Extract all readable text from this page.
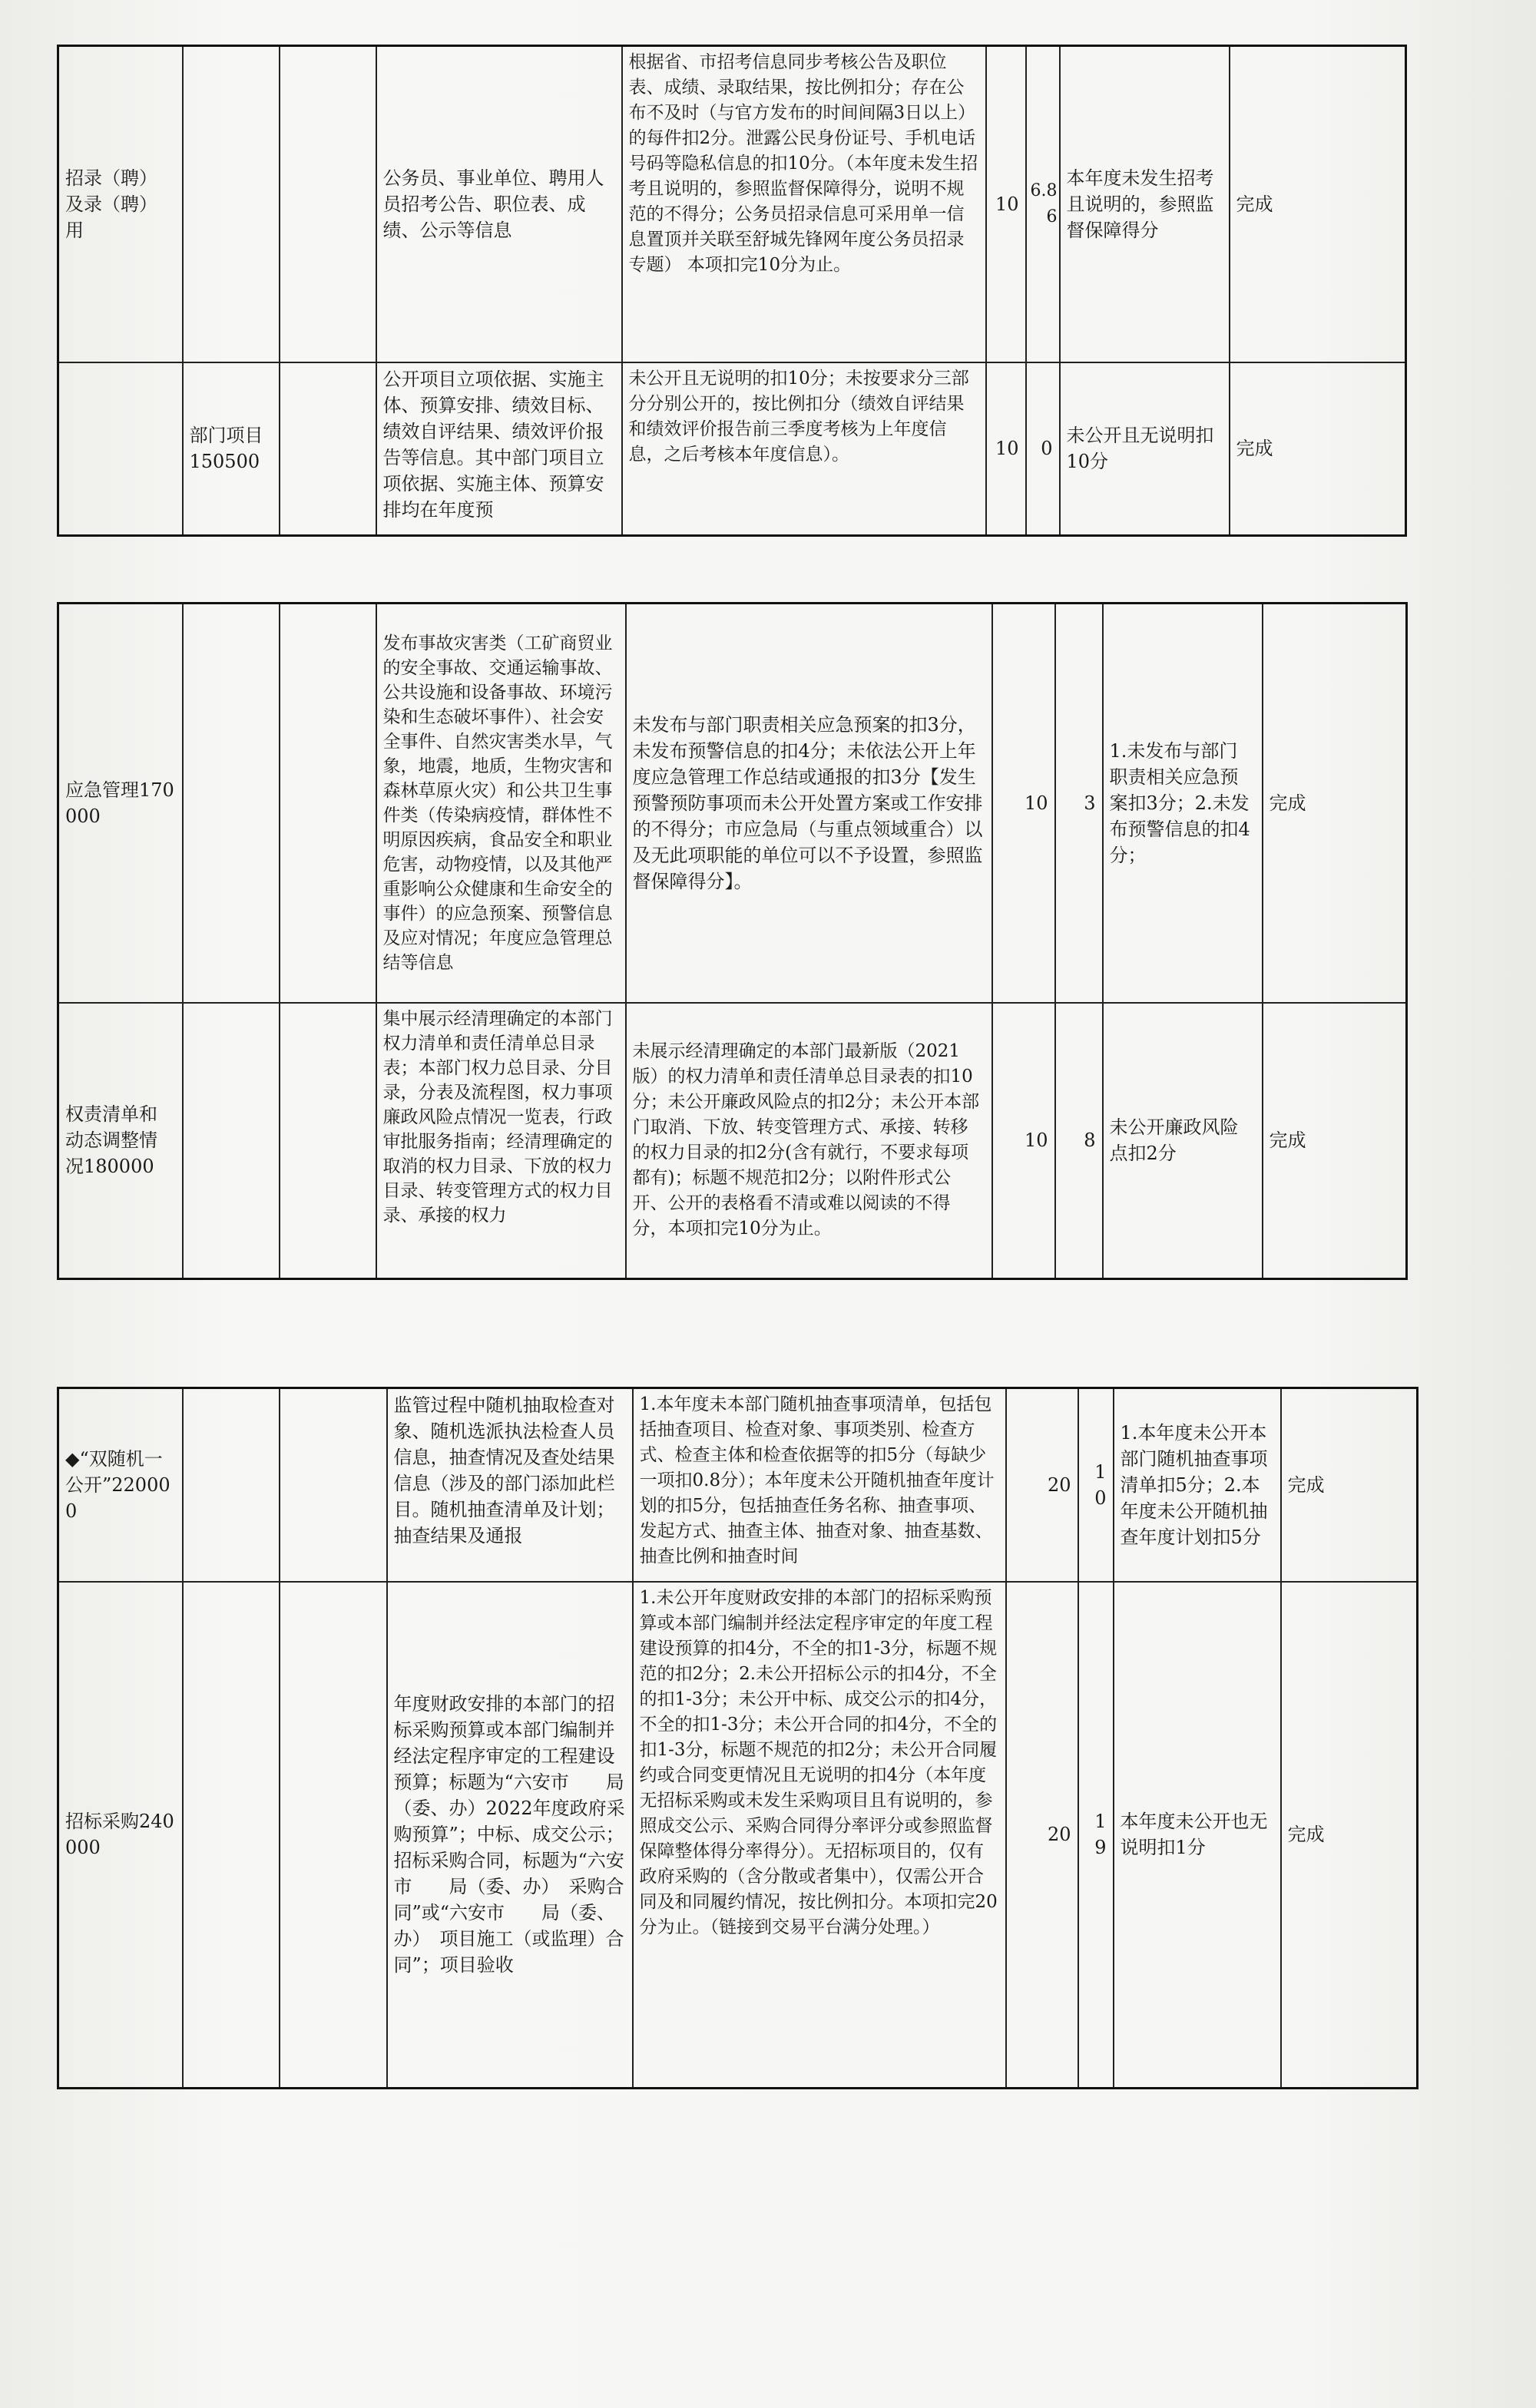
招录（聘）及录（聘）用			公务员、事业单位、聘用人员招考公告、职位表、成绩、公示等信息	根据省、市招考信息同步考核公告及职位表、成绩、录取结果，按比例扣分；存在公布不及时（与官方发布的时间间隔3日以上）的每件扣2分。泄露公民身份证号、手机电话号码等隐私信息的扣10分。（本年度未发生招考且说明的，参照监督保障得分，说明不规范的不得分；公务员招录信息可采用单一信息置顶并关联至舒城先锋网年度公务员招录专题） 本项扣完10分为止。	10	6.86	本年度未发生招考且说明的，参照监督保障得分	完成
	部门项目150500		公开项目立项依据、实施主体、预算安排、绩效目标、绩效自评结果、绩效评价报告等信息。其中部门项目立项依据、实施主体、预算安排均在年度预	未公开且无说明的扣10分；未按要求分三部分分别公开的，按比例扣分（绩效自评结果和绩效评价报告前三季度考核为上年度信息，之后考核本年度信息）。	10	0	未公开且无说明扣10分	完成
应急管理170000			发布事故灾害类（工矿商贸业的安全事故、交通运输事故、公共设施和设备事故、环境污染和生态破坏事件）、社会安全事件、自然灾害类水旱，气象，地震，地质，生物灾害和森林草原火灾）和公共卫生事件类（传染病疫情，群体性不明原因疾病，食品安全和职业危害，动物疫情，以及其他严重影响公众健康和生命安全的事件）的应急预案、预警信息及应对情况；年度应急管理总结等信息	未发布与部门职责相关应急预案的扣3分，未发布预警信息的扣4分；未依法公开上年度应急管理工作总结或通报的扣3分【发生预警预防事项而未公开处置方案或工作安排的不得分；市应急局（与重点领域重合）以及无此项职能的单位可以不予设置，参照监督保障得分】。	10	3	1.未发布与部门职责相关应急预案扣3分；2.未发布预警信息的扣4分；	完成
权责清单和动态调整情况180000			集中展示经清理确定的本部门权力清单和责任清单总目录表；本部门权力总目录、分目录，分表及流程图，权力事项廉政风险点情况一览表，行政审批服务指南；经清理确定的取消的权力目录、下放的权力目录、转变管理方式的权力目录、承接的权力	未展示经清理确定的本部门最新版（2021版）的权力清单和责任清单总目录表的扣10分；未公开廉政风险点的扣2分；未公开本部门取消、下放、转变管理方式、承接、转移的权力目录的扣2分(含有就行，不要求每项都有)；标题不规范扣2分；以附件形式公开、公开的表格看不清或难以阅读的不得分，本项扣完10分为止。	10	8	未公开廉政风险点扣2分	完成
◆“双随机一公开”220000			监管过程中随机抽取检查对象、随机选派执法检查人员信息，抽查情况及查处结果信息（涉及的部门添加此栏目。随机抽查清单及计划；抽查结果及通报	1.本年度未本部门随机抽查事项清单，包括包括抽查项目、检查对象、事项类别、检查方式、检查主体和检查依据等的扣5分（每缺少一项扣0.8分）；本年度未公开随机抽查年度计划的扣5分，包括抽查任务名称、抽查事项、发起方式、抽查主体、抽查对象、抽查基数、抽查比例和抽查时间	20	10	1.本年度未公开本部门随机抽查事项清单扣5分；2.本年度未公开随机抽查年度计划扣5分	完成
招标采购240000			年度财政安排的本部门的招标采购预算或本部门编制并经法定程序审定的工程建设预算；标题为“六安市　　局（委、办）2022年度政府采购预算”；中标、成交公示；招标采购合同，标题为“六安市　　局（委、办）　采购合同”或“六安市　　局（委、办）　项目施工（或监理）合同”；项目验收	1.未公开年度财政安排的本部门的招标采购预算或本部门编制并经法定程序审定的年度工程建设预算的扣4分，不全的扣1-3分，标题不规范的扣2分；2.未公开招标公示的扣4分，不全的扣1-3分；未公开中标、成交公示的扣4分，不全的扣1-3分；未公开合同的扣4分，不全的扣1-3分，标题不规范的扣2分；未公开合同履约或合同变更情况且无说明的扣4分（本年度无招标采购或未发生采购项目且有说明的，参照成交公示、采购合同得分率评分或参照监督保障整体得分率得分）。无招标项目的，仅有政府采购的（含分散或者集中），仅需公开合同及和同履约情况，按比例扣分。本项扣完20分为止。（链接到交易平台满分处理。）	20	19	本年度未公开也无说明扣1分	完成
